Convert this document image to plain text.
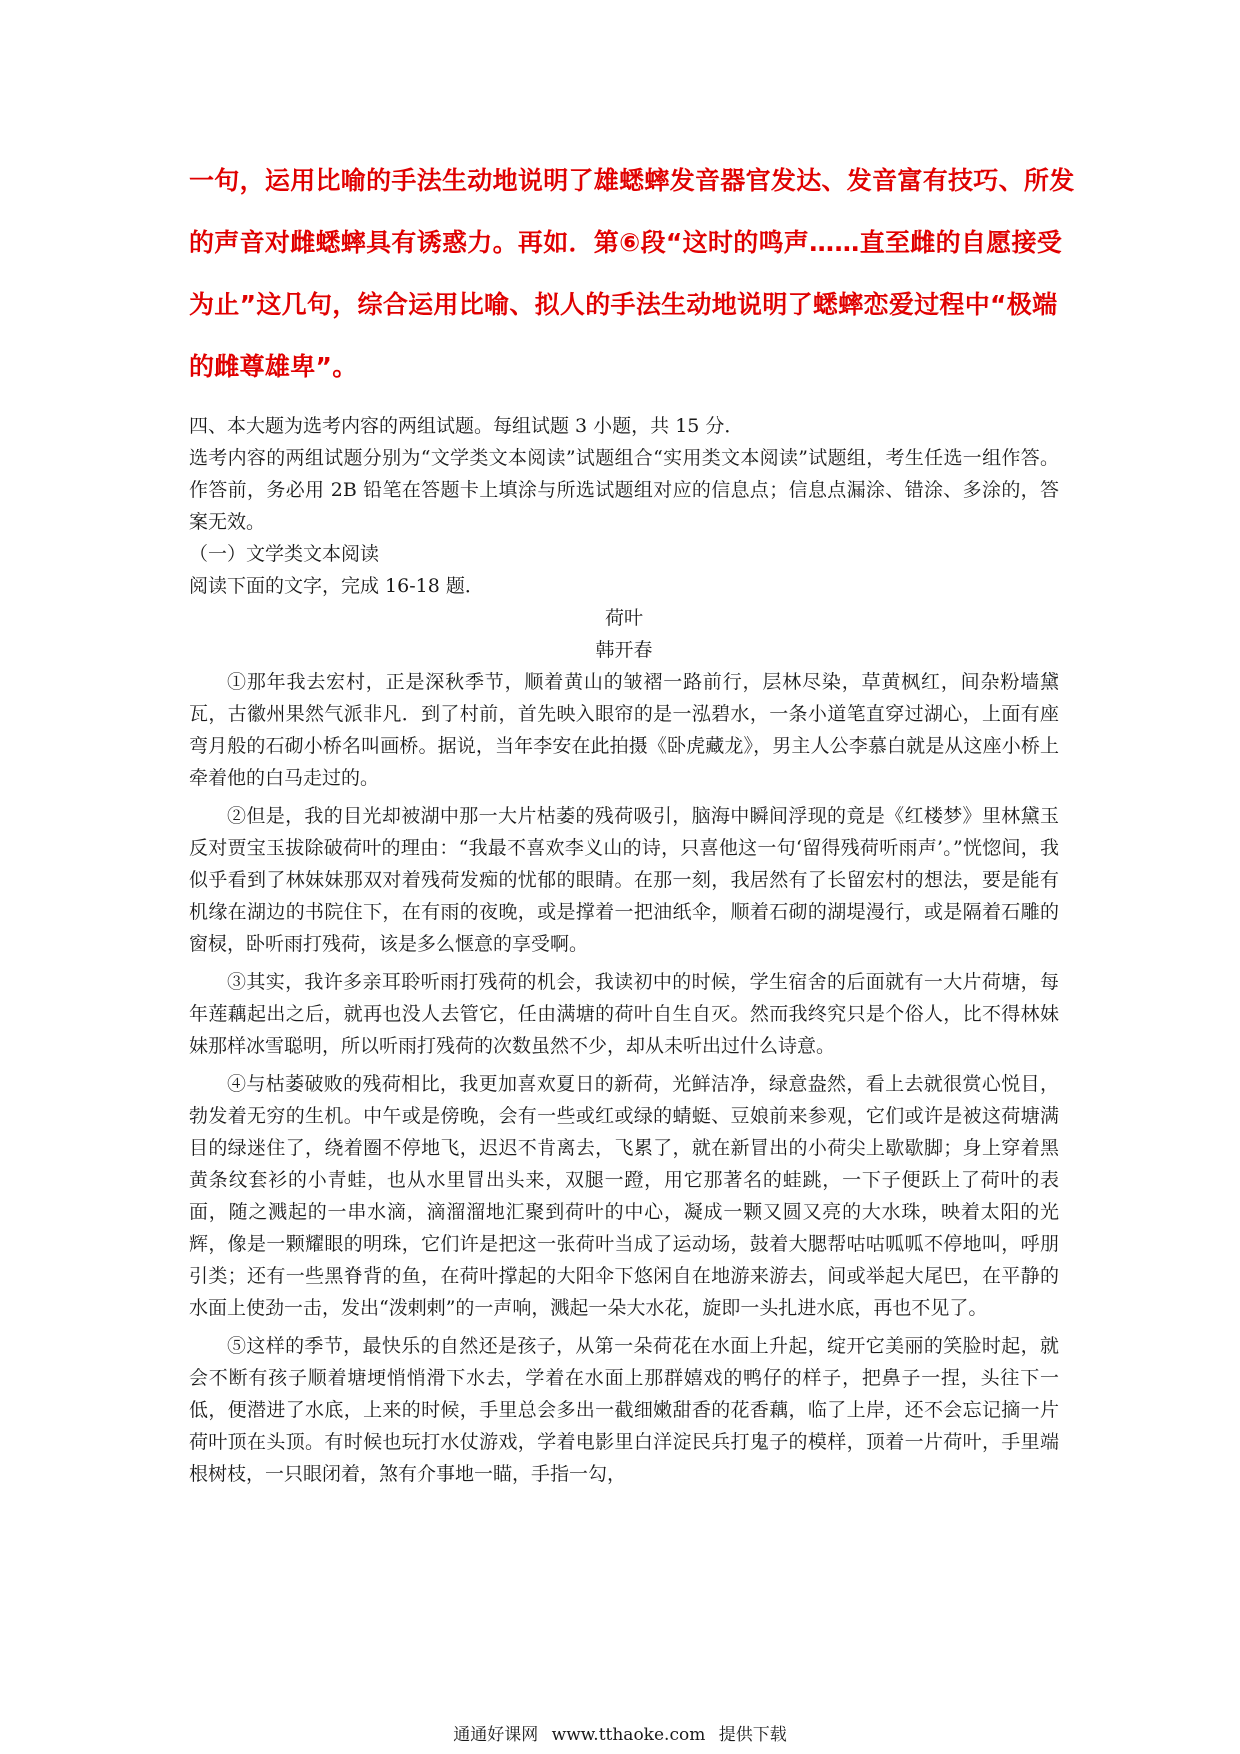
一句，运用比喻的手法生动地说明了雄蟋蟀发音器官发达、发音富有技巧、所发
的声音对雌蟋蟀具有诱惑力。再如．第⑥段“这时的鸣声……直至雌的自愿接受
为止”这几句，综合运用比喻、拟人的手法生动地说明了蟋蟀恋爱过程中“极端
的雌尊雄卑”。

四、本大题为选考内容的两组试题。每组试题 3 小题，共 15 分．

选考内容的两组试题分别为“文学类文本阅读”试题组合“实用类文本阅读”试题组，考生任选一组作答。作答前，务必用 2B 铅笔在答题卡上填涂与所选试题组对应的信息点；信息点漏涂、错涂、多涂的，答案无效。

（一）文学类文本阅读

阅读下面的文字，完成 16-18 题．

荷叶

韩开春

①那年我去宏村，正是深秋季节，顺着黄山的皱褶一路前行，层林尽染，草黄枫红，间杂粉墙黛瓦，古徽州果然气派非凡．到了村前，首先映入眼帘的是一泓碧水，一条小道笔直穿过湖心，上面有座弯月般的石砌小桥名叫画桥。据说，当年李安在此拍摄《卧虎藏龙》，男主人公李慕白就是从这座小桥上牵着他的白马走过的。

②但是，我的目光却被湖中那一大片枯萎的残荷吸引，脑海中瞬间浮现的竟是《红楼梦》里林黛玉反对贾宝玉拔除破荷叶的理由：“我最不喜欢李义山的诗，只喜他这一句‘留得残荷听雨声’。”恍惚间，我似乎看到了林妹妹那双对着残荷发痴的忧郁的眼睛。在那一刻，我居然有了长留宏村的想法，要是能有机缘在湖边的书院住下，在有雨的夜晚，或是撑着一把油纸伞，顺着石砌的湖堤漫行，或是隔着石雕的窗棂，卧听雨打残荷，该是多么惬意的享受啊。

③其实，我许多亲耳聆听雨打残荷的机会，我读初中的时候，学生宿舍的后面就有一大片荷塘，每年莲藕起出之后，就再也没人去管它，任由满塘的荷叶自生自灭。然而我终究只是个俗人，比不得林妹妹那样冰雪聪明，所以听雨打残荷的次数虽然不少，却从未听出过什么诗意。

④与枯萎破败的残荷相比，我更加喜欢夏日的新荷，光鲜洁净，绿意盎然，看上去就很赏心悦目，勃发着无穷的生机。中午或是傍晚，会有一些或红或绿的蜻蜓、豆娘前来参观，它们或许是被这荷塘满目的绿迷住了，绕着圈不停地飞，迟迟不肯离去，飞累了，就在新冒出的小荷尖上歇歇脚；身上穿着黑黄条纹套衫的小青蛙，也从水里冒出头来，双腿一蹬，用它那著名的蛙跳，一下子便跃上了荷叶的表面，随之溅起的一串水滴，滴溜溜地汇聚到荷叶的中心，凝成一颗又圆又亮的大水珠，映着太阳的光辉，像是一颗耀眼的明珠，它们许是把这一张荷叶当成了运动场，鼓着大腮帮咕咕呱呱不停地叫，呼朋引类；还有一些黑脊背的鱼，在荷叶撑起的大阳伞下悠闲自在地游来游去，间或举起大尾巴，在平静的水面上使劲一击，发出“泼剌剌”的一声响，溅起一朵大水花，旋即一头扎进水底，再也不见了。

⑤这样的季节，最快乐的自然还是孩子，从第一朵荷花在水面上升起，绽开它美丽的笑脸时起，就会不断有孩子顺着塘埂悄悄滑下水去，学着在水面上那群嬉戏的鸭仔的样子，把鼻子一捏，头往下一低，便潜进了水底，上来的时候，手里总会多出一截细嫩甜香的花香藕，临了上岸，还不会忘记摘一片荷叶顶在头顶。有时候也玩打水仗游戏，学着电影里白洋淀民兵打鬼子的模样，顶着一片荷叶，手里端根树枝，一只眼闭着，煞有介事地一瞄，手指一勾，

通通好课网 www.tthaoke.com 提供下载
